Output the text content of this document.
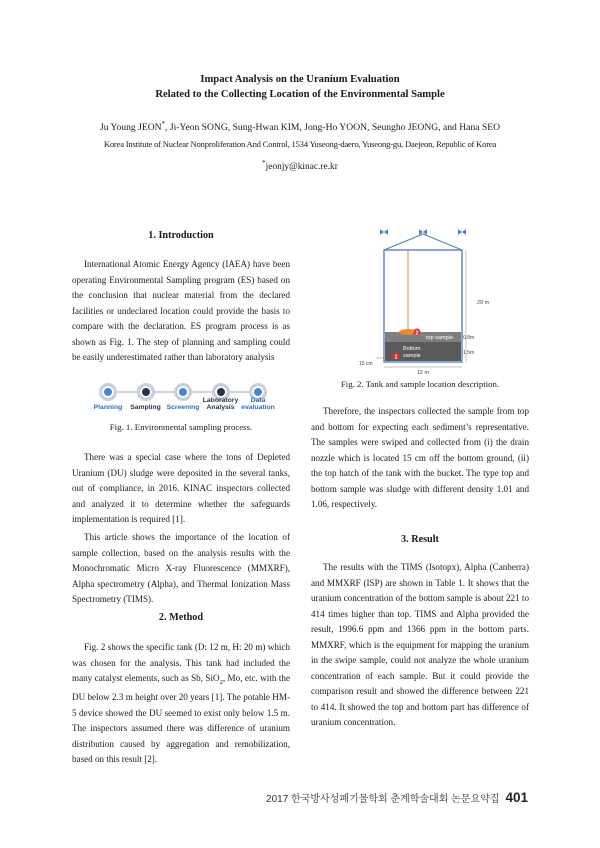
Impact Analysis on the Uranium Evaluation
Related to the Collecting Location of the Environmental Sample
Ju Young JEON*, Ji-Yeon SONG, Sung-Hwan KIM, Jong-Ho YOON, Seungho JEONG, and Hana SEO
Korea Institute of Nuclear Nonproliferation And Control, 1534 Yuseong-daero, Yuseong-gu, Daejeon, Republic of Korea
*jeonjy@kinac.re.kr
1. Introduction

International Atomic Energy Agency (IAEA) have been operating Environmental Sampling program (ES) based on the conclusion that nuclear material from the declared facilities or undeclared location could provide the basis to compare with the declaration. ES program process is as shown as Fig. 1. The step of planning and sampling could be easily underestimated rather than laboratory analysis

Fig. 1. Environmental sampling process.

There was a special case where the tons of Depleted Uranium (DU) sludge were deposited in the several tanks, out of compliance, in 2016. KINAC inspectors collected and analyzed it to determine whether the safeguards implementation is required [1].

This article shows the importance of the location of sample collection, based on the analysis results with the Monochromatic Micro X-ray Fluorescence (MMXRF), Alpha spectrometry (Alpha), and Thermal Ionization Mass Spectrometry (TIMS).

2. Method

Fig. 2 shows the specific tank (D: 12 m, H: 20 m) which was chosen for the analysis. This tank had included the many catalyst elements, such as Sb, SiO$_2$, Mo, etc. with the DU below 2.3 m height over 20 years [1]. The potable HM-5 device showed the DU seemed to exist only below 1.5 m. The inspectors assumed there was difference of uranium distribution caused by aggregation and remobilization, based on this result [2].

Planning	Sampling Screening
Laboratory Analysis
Data evaluation
2
1
top sample
Bottom
sample
20 m
0.8m
1.5m
12 m
15 cm
Fig. 2. Tank and sample location description.

Therefore, the inspectors collected the sample from top and bottom for expecting each sediment’s representative. The samples were swiped and collected from (i) the drain nozzle which is located 15 cm off the bottom ground, (ii) the top hatch of the tank with the bucket. The type top and bottom sample was sludge with different density 1.01 and 1.06, respectively.

3. Result

The results with the TIMS (Isotopx), Alpha (Canberra) and MMXRF (ISP) are shown in Table 1. It shows that the uranium concentration of the bottom sample is about 221 to 414 times higher than top. TIMS and Alpha provided the result, 1996.6 ppm and 1366 ppm in the bottom parts. MMXRF, which is the equipment for mapping the uranium in the swipe sample, could not analyze the whole uranium concentration of each sample. But it could provide the comparison result and showed the difference between 221 to 414. It showed the top and bottom part has difference of uranium concentration.

2017 한국방사성폐기물학회 춘계학술대회 논문요약집 401
